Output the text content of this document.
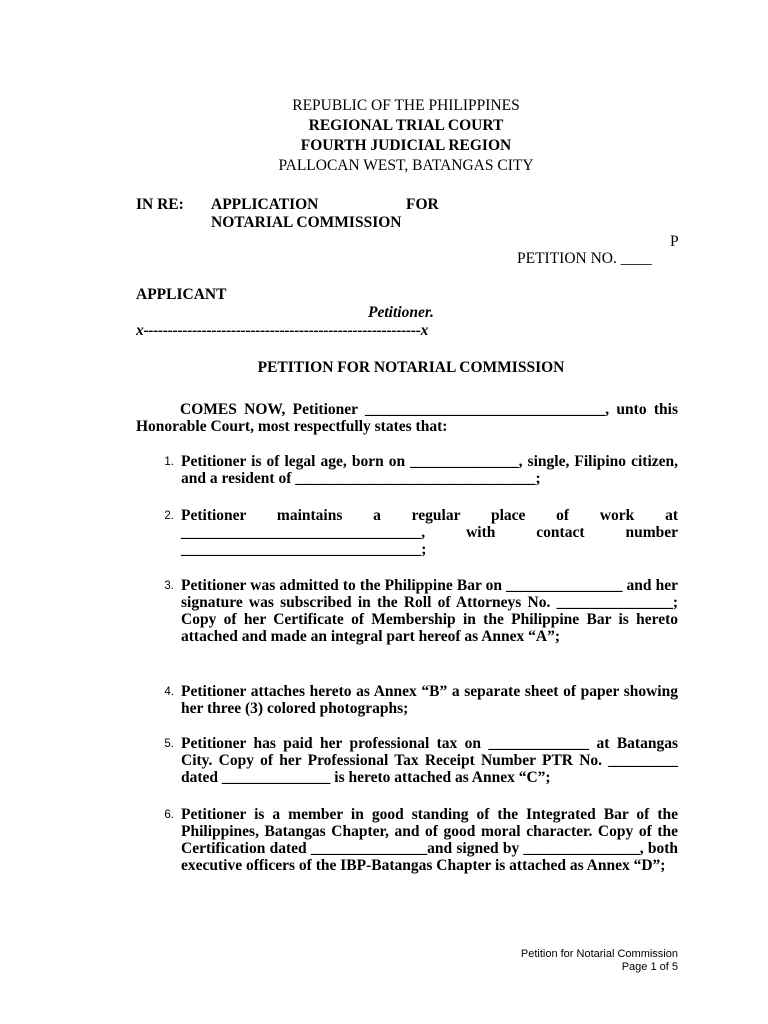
REPUBLIC OF THE PHILIPPINES
REGIONAL TRIAL COURT
FOURTH JUDICIAL REGION
PALLOCAN WEST, BATANGAS CITY
IN RE: APPLICATION	FOR
NOTARIAL COMMISSION
P
PETITION NO. ____
APPLICANT
Petitioner.
x---------------------------------------------------------x
PETITION FOR NOTARIAL COMMISSION
COMES NOW, Petitioner _______________________________, unto this Honorable Court, most respectfully states that:
1. Petitioner is of legal age, born on ______________, single, Filipino citizen, and a resident of _______________________________;
2. Petitioner maintains a regular place of work at _______________________________, with contact number _______________________________;
3. Petitioner was admitted to the Philippine Bar on _______________ and her signature was subscribed in the Roll of Attorneys No. _______________; Copy of her Certificate of Membership in the Philippine Bar is hereto attached and made an integral part hereof as Annex “A”;
4. Petitioner attaches hereto as Annex “B” a separate sheet of paper showing her three (3) colored photographs;
5. Petitioner has paid her professional tax on _____________ at Batangas City. Copy of her Professional Tax Receipt Number PTR No. _________ dated ______________ is hereto attached as Annex “C”;
6. Petitioner is a member in good standing of the Integrated Bar of the Philippines, Batangas Chapter, and of good moral character. Copy of the Certification dated _______________and signed by _______________, both executive officers of the IBP-Batangas Chapter is attached as Annex “D”;
Petition for Notarial Commission
Page 1 of 5
